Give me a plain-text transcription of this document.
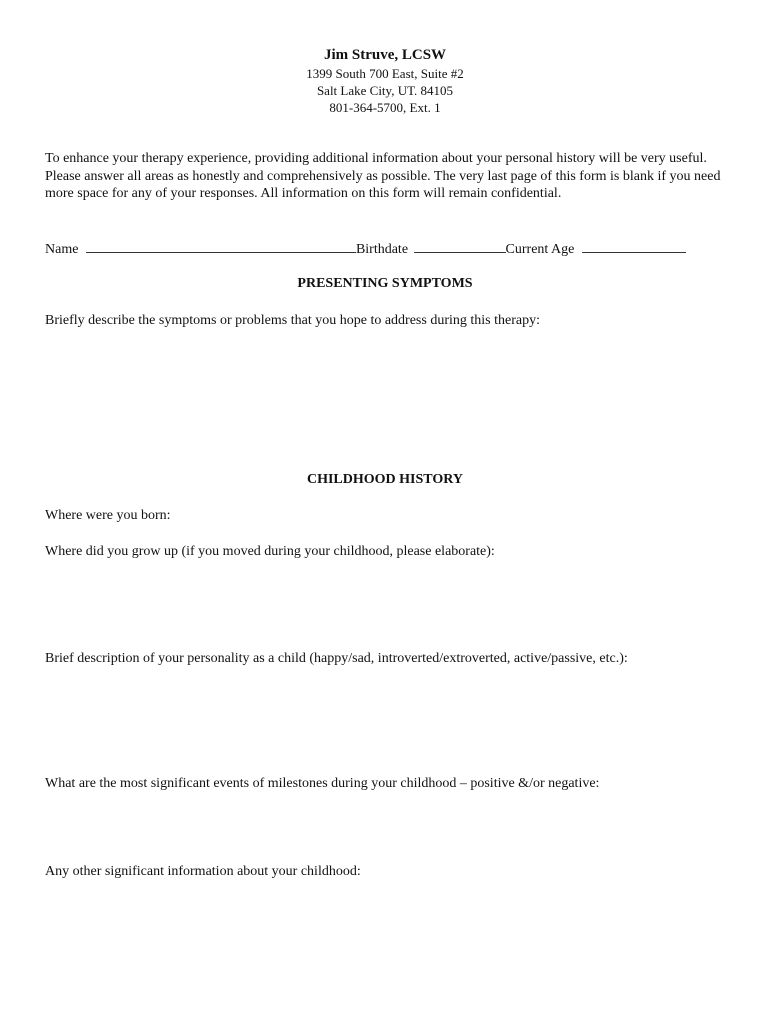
Jim Struve, LCSW
1399 South 700 East, Suite #2
Salt Lake City, UT. 84105
801-364-5700, Ext. 1
To enhance your therapy experience, providing additional information about your personal history will be very useful. Please answer all areas as honestly and comprehensively as possible. The very last page of this form is blank if you need more space for any of your responses. All information on this form will remain confidential.
Name	Birthdate	Current Age
PRESENTING SYMPTOMS
Briefly describe the symptoms or problems that you hope to address during this therapy:
CHILDHOOD HISTORY
Where were you born:
Where did you grow up (if you moved during your childhood, please elaborate):
Brief description of your personality as a child (happy/sad, introverted/extroverted, active/passive, etc.):
What are the most significant events of milestones during your childhood – positive &/or negative:
Any other significant information about your childhood:
